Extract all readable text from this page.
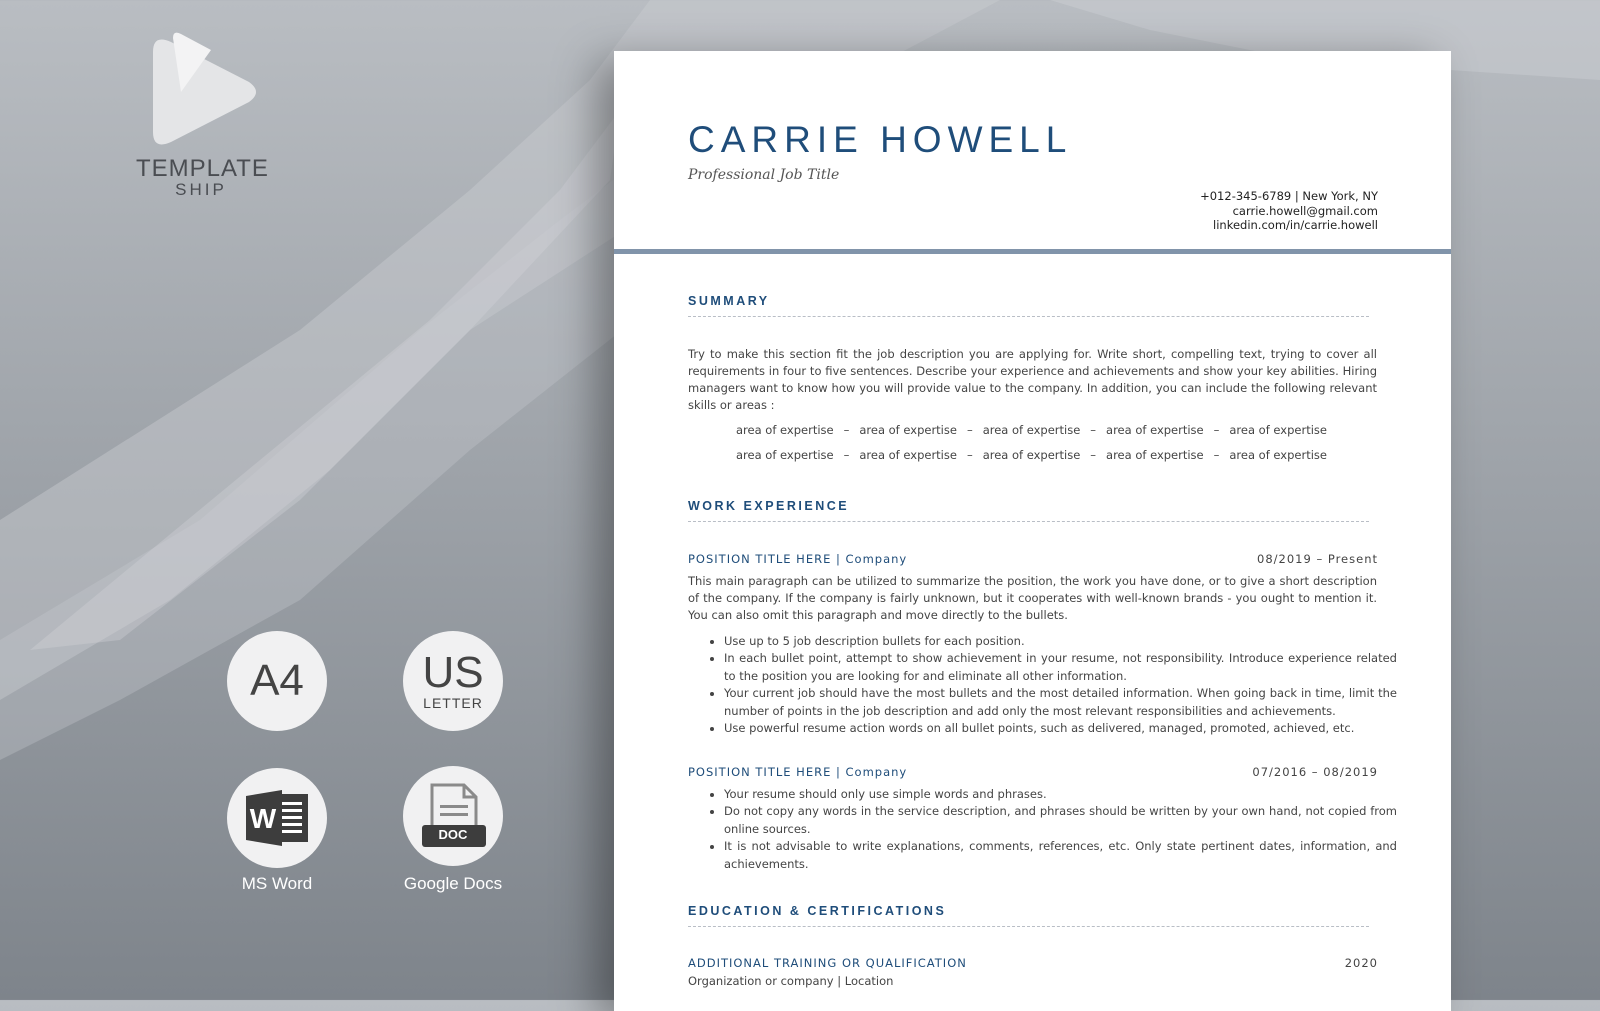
TEMPLATE
SHIP
A4	US
LETTER
W
DOC
MS Word	Google Docs
CARRIE HOWELL
Professional Job Title
+012-345-6789 | New York, NY
carrie.howell@gmail.com
linkedin.com/in/carrie.howell
SUMMARY
Try to make this section fit the job description you are applying for. Write short, compelling text, trying to cover all requirements in four to five sentences. Describe your experience and achievements and show your key abilities. Hiring managers want to know how you will provide value to the company. In addition, you can include the following relevant skills or areas :
area of expertise – area of expertise – area of expertise – area of expertise – area of expertise
area of expertise – area of expertise – area of expertise – area of expertise – area of expertise
WORK EXPERIENCE
POSITION TITLE HERE | Company	08/2019 – Present
This main paragraph can be utilized to summarize the position, the work you have done, or to give a short description of the company. If the company is fairly unknown, but it cooperates with well-known brands - you ought to mention it. You can also omit this paragraph and move directly to the bullets.
• Use up to 5 job description bullets for each position.
• In each bullet point, attempt to show achievement in your resume, not responsibility. Introduce experience related to the position you are looking for and eliminate all other information.
• Your current job should have the most bullets and the most detailed information. When going back in time, limit the number of points in the job description and add only the most relevant responsibilities and achievements.
• Use powerful resume action words on all bullet points, such as delivered, managed, promoted, achieved, etc.
POSITION TITLE HERE | Company	07/2016 – 08/2019
• Your resume should only use simple words and phrases.
• Do not copy any words in the service description, and phrases should be written by your own hand, not copied from online sources.
• It is not advisable to write explanations, comments, references, etc. Only state pertinent dates, information, and achievements.
EDUCATION & CERTIFICATIONS
ADDITIONAL TRAINING OR QUALIFICATION	2020
Organization or company | Location
